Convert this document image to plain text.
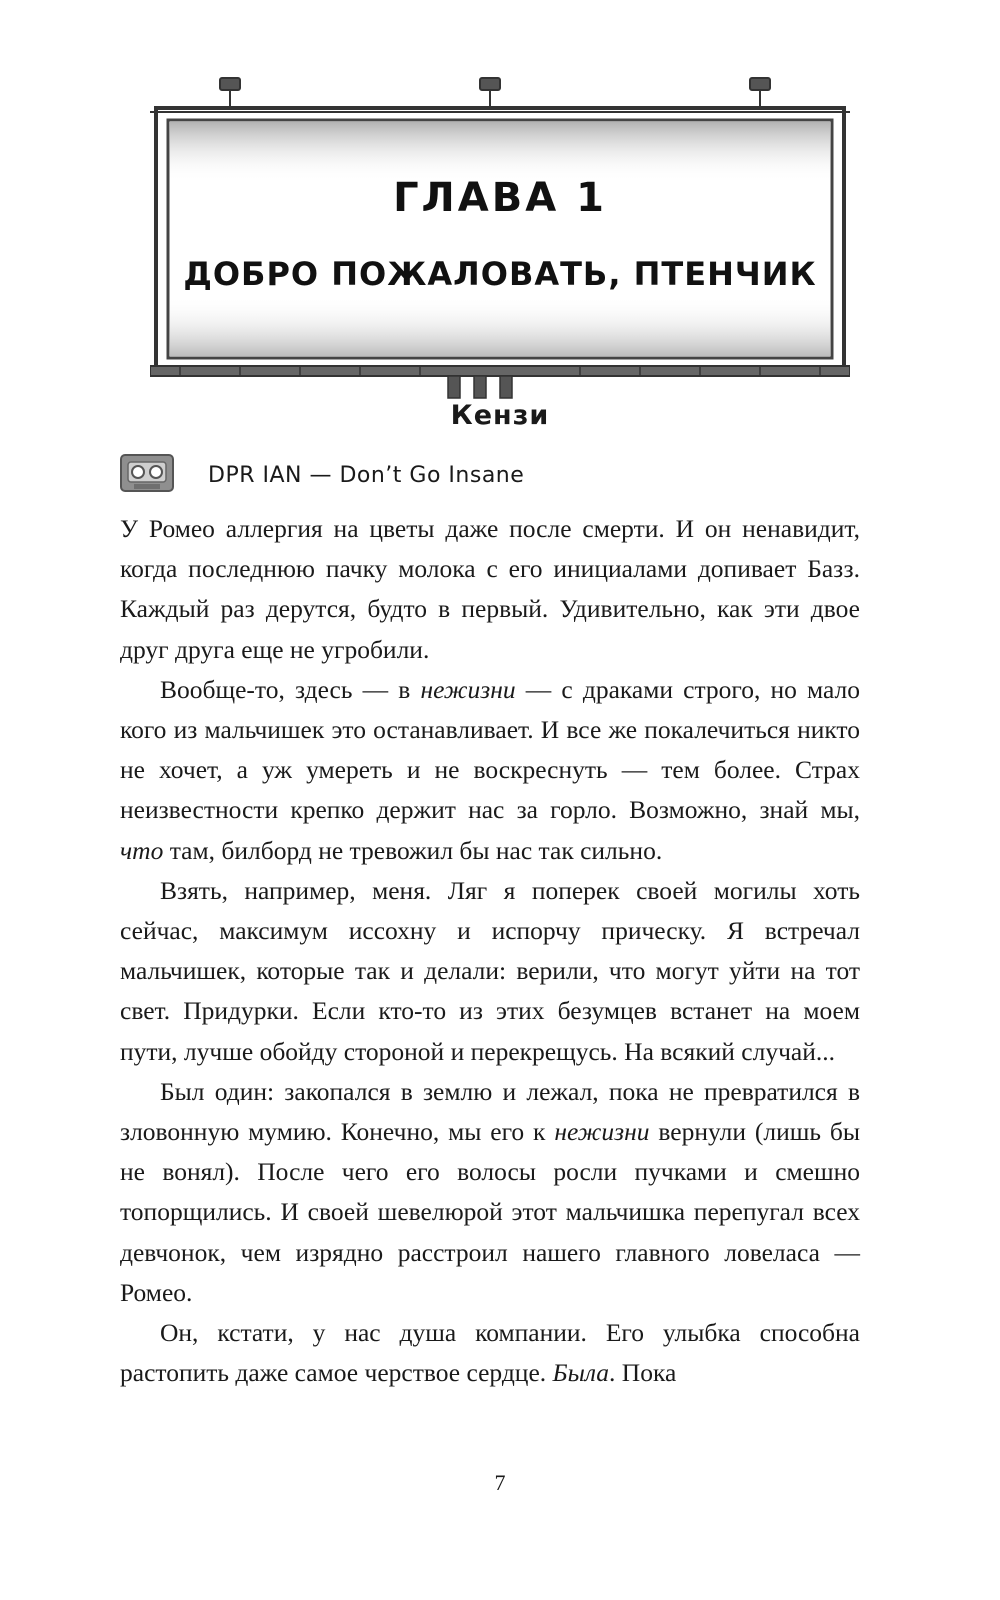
ГЛАВА 1
ДОБРО ПОЖАЛОВАТЬ, ПТЕНЧИК
Кензи
DPR IAN — Don’t Go Insane

У Ромео аллергия на цветы даже после смерти. И он ненавидит, когда последнюю пачку молока с его инициалами допивает Базз. Каждый раз дерутся, будто в первый. Удивительно, как эти двое друг друга еще не угробили.

Вообще-то, здесь — в нежизни — с драками строго, но мало кого из мальчишек это останавливает. И все же покалечиться никто не хочет, а уж умереть и не воскреснуть — тем более. Страх неизвестности крепко держит нас за горло. Возможно, знай мы, что там, билборд не тревожил бы нас так сильно.

Взять, например, меня. Ляг я поперек своей могилы хоть сейчас, максимум иссохну и испорчу прическу. Я встречал мальчишек, которые так и делали: верили, что могут уйти на тот свет. Придурки. Если кто-то из этих безумцев встанет на моем пути, лучше обойду стороной и перекрещусь. На всякий случай...

Был один: закопался в землю и лежал, пока не превратился в зловонную мумию. Конечно, мы его к нежизни вернули (лишь бы не вонял). После чего его волосы росли пучками и смешно топорщились. И своей шевелюрой этот мальчишка перепугал всех девчонок, чем изрядно расстроил нашего главного ловеласа — Ромео.

Он, кстати, у нас душа компании. Его улыбка способна растопить даже самое черствое сердце. Была. Пока

7
